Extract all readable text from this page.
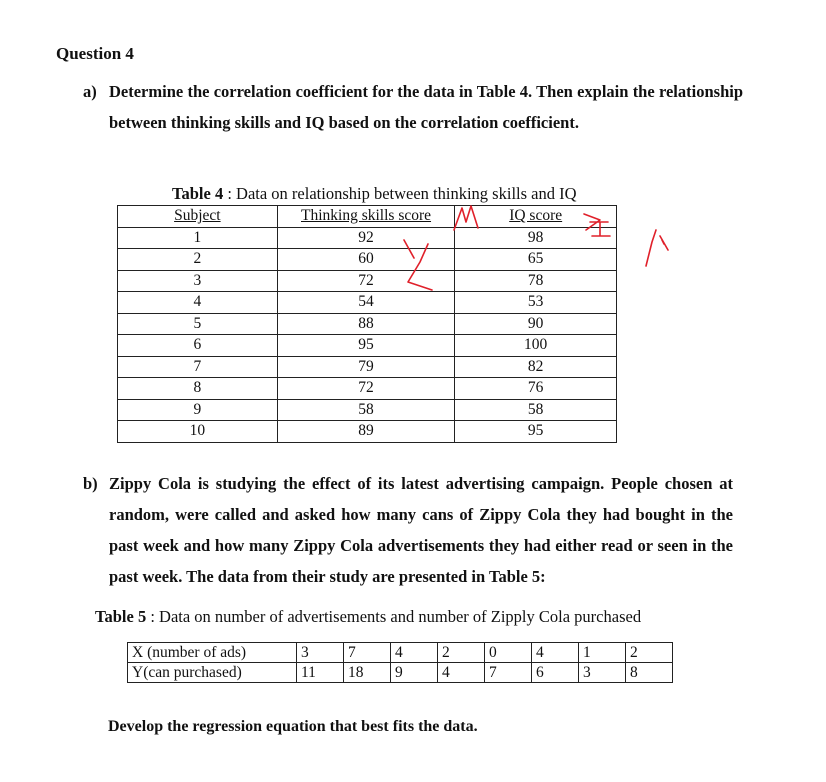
Question 4
a) Determine the correlation coefficient for the data in Table 4. Then explain the relationship between thinking skills and IQ based on the correlation coefficient.
Table 4 : Data on relationship between thinking skills and IQ
Subject	Thinking skills score	IQ score
1	92	98
2	60	65
3	72	78
4	54	53
5	88	90
6	95	100
7	79	82
8	72	76
9	58	58
10	89	95
b) Zippy Cola is studying the effect of its latest advertising campaign. People chosen at random, were called and asked how many cans of Zippy Cola they had bought in the past week and how many Zippy Cola advertisements they had either read or seen in the past week. The data from their study are presented in Table 5:
Table 5 : Data on number of advertisements and number of Zipply Cola purchased
X (number of ads)	3	7	4	2	0	4	1	2
Y(can purchased)	11	18	9	4	7	6	3	8
Develop the regression equation that best fits the data.
